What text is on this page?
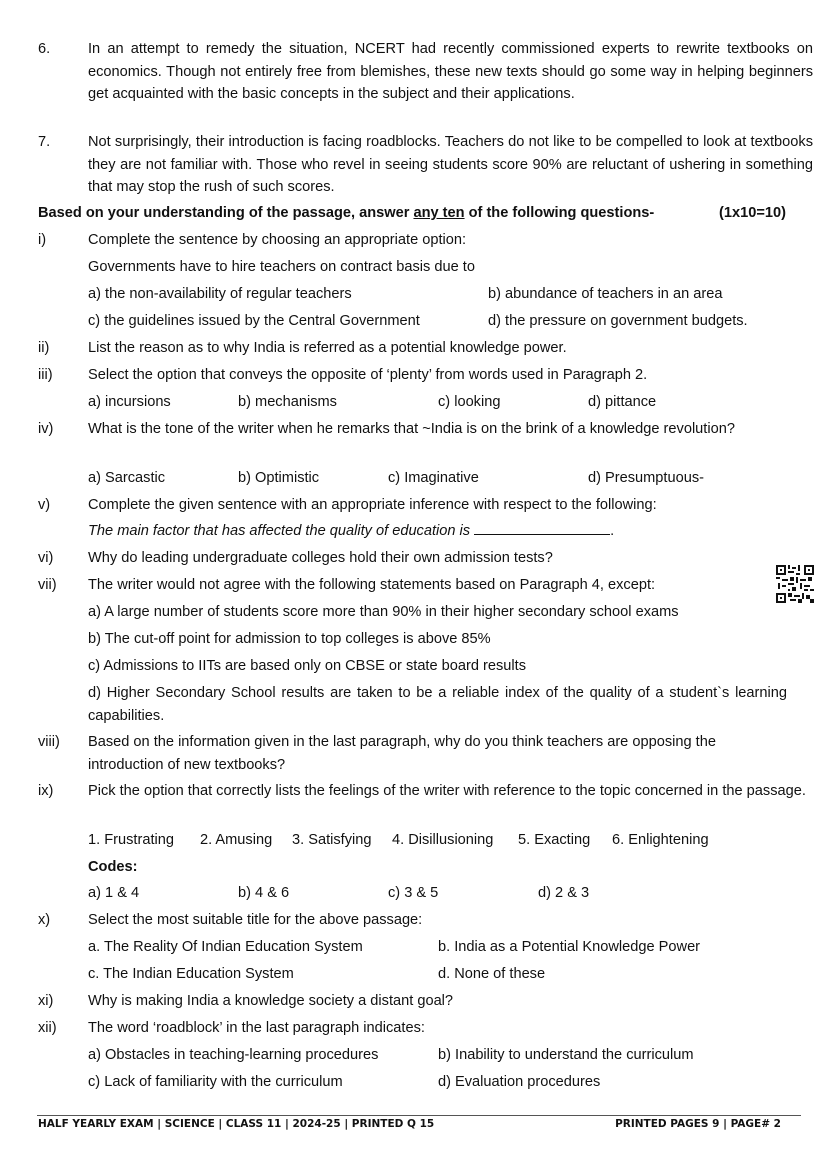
6.	In an attempt to remedy the situation, NCERT had recently commissioned experts to rewrite textbooks on economics. Though not entirely free from blemishes, these new texts should go some way in helping beginners get acquainted with the basic concepts in the subject and their applications.
7.	Not surprisingly, their introduction is facing roadblocks. Teachers do not like to be compelled to look at textbooks they are not familiar with. Those who revel in seeing students score 90% are reluctant of ushering in something that may stop the rush of such scores.
Based on your understanding of the passage, answer any ten of the following questions-	(1x10=10)
i)	Complete the sentence by choosing an appropriate option:
Governments have to hire teachers on contract basis due to
a) the non-availability of regular teachers	b) abundance of teachers in an area
c) the guidelines issued by the Central Government	d) the pressure on government budgets.
ii)	List the reason as to why India is referred as a potential knowledge power.
iii) Select the option that conveys the opposite of ‘plenty’ from words used in Paragraph 2.
a) incursions	b) mechanisms	c) looking	d) pittance
iv) What is the tone of the writer when he remarks that ~India is on the brink of a knowledge revolution?
a) Sarcastic	b) Optimistic	c) Imaginative	d) Presumptuous-
v)	Complete the given sentence with an appropriate inference with respect to the following:
The main factor that has affected the quality of education is	.
vi) Why do leading undergraduate colleges hold their own admission tests?
vii) The writer would not agree with the following statements based on Paragraph 4, except:
a) A large number of students score more than 90% in their higher secondary school exams
b) The cut-off point for admission to top colleges is above 85%
c) Admissions to IITs are based only on CBSE or state board results
d) Higher Secondary School results are taken to be a reliable index of the quality of a student`s learning capabilities.
viii) Based on the information given in the last paragraph, why do you think teachers are opposing the introduction of new textbooks?
ix) Pick the option that correctly lists the feelings of the writer with reference to the topic concerned in the passage.
1. Frustrating 2. Amusing 3. Satisfying 4. Disillusioning 5. Exacting 6. Enlightening
Codes:
a) 1 & 4	b) 4 & 6	c) 3 & 5	d) 2 & 3
x)	Select the most suitable title for the above passage:
a. The Reality Of Indian Education System	b. India as a Potential Knowledge Power
c. The Indian Education System	d. None of these
xi) Why is making India a knowledge society a distant goal?
xii) The word ‘roadblock’ in the last paragraph indicates:
a) Obstacles in teaching-learning procedures	b) Inability to understand the curriculum
c) Lack of familiarity with the curriculum	d) Evaluation procedures
HALF YEARLY EXAM | SCIENCE | CLASS 11 | 2024-25 | PRINTED Q 15	PRINTED PAGES 9 | PAGE# 2
